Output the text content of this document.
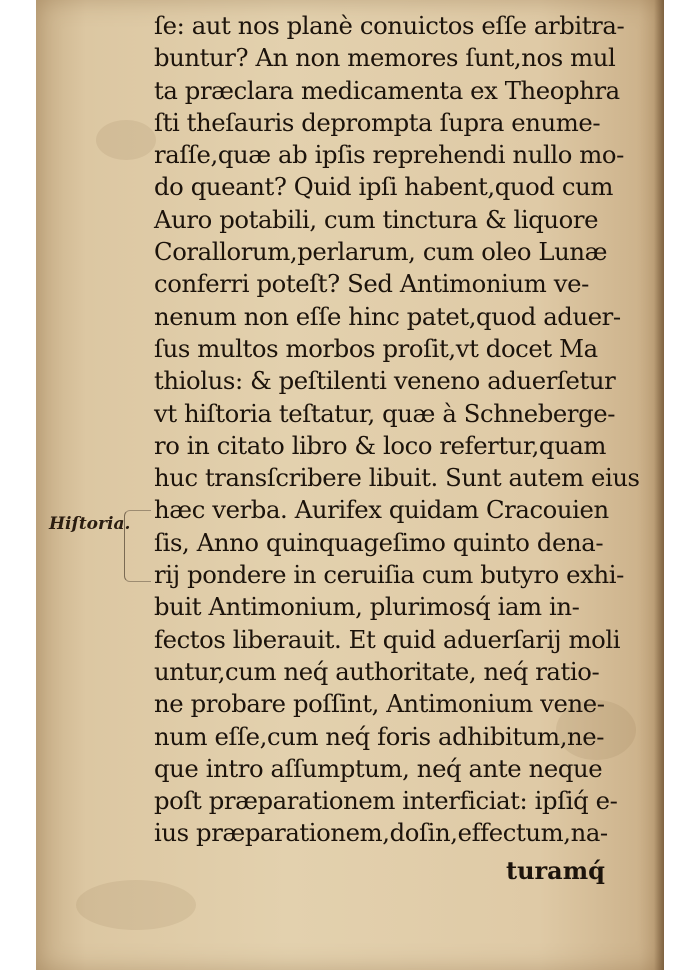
Hiſtoria.
ſe: aut nos planè conuictos eſſe arbitra-
buntur? An non memores ſunt,nos mul
ta præclara medicamenta ex Theophra
ſti theſauris deprompta ſupra enume-
raſſe,quæ ab ipſis reprehendi nullo mo-
do queant? Quid ipſi habent,quod cum
Auro potabili, cum tinctura & liquore
Corallorum,perlarum, cum oleo Lunæ
conferri poteſt? Sed Antimonium ve-
nenum non eſſe hinc patet,quod aduer-
ſus multos morbos proſit,vt docet Ma
thiolus: & peſtilenti veneno aduerſetur
vt hiſtoria teſtatur, quæ à Schneberge-
ro in citato libro & loco refertur,quam
huc transſcribere libuit. Sunt autem eius
hæc verba. Aurifex quidam Cracouien
ſis, Anno quinquageſimo quinto dena-
rij pondere in ceruiſia cum butyro exhi-
buit Antimonium, plurimosq́ iam in-
fectos liberauit. Et quid aduerſarij moli
untur,cum neq́ authoritate, neq́ ratio-
ne probare poſſint, Antimonium vene-
num eſſe,cum neq́ foris adhibitum,ne-
que intro aſſumptum, neq́ ante neque
poſt præparationem interficiat: ipſiq́ e-
ius præparationem,doſin,effectum,na-
turamq́
